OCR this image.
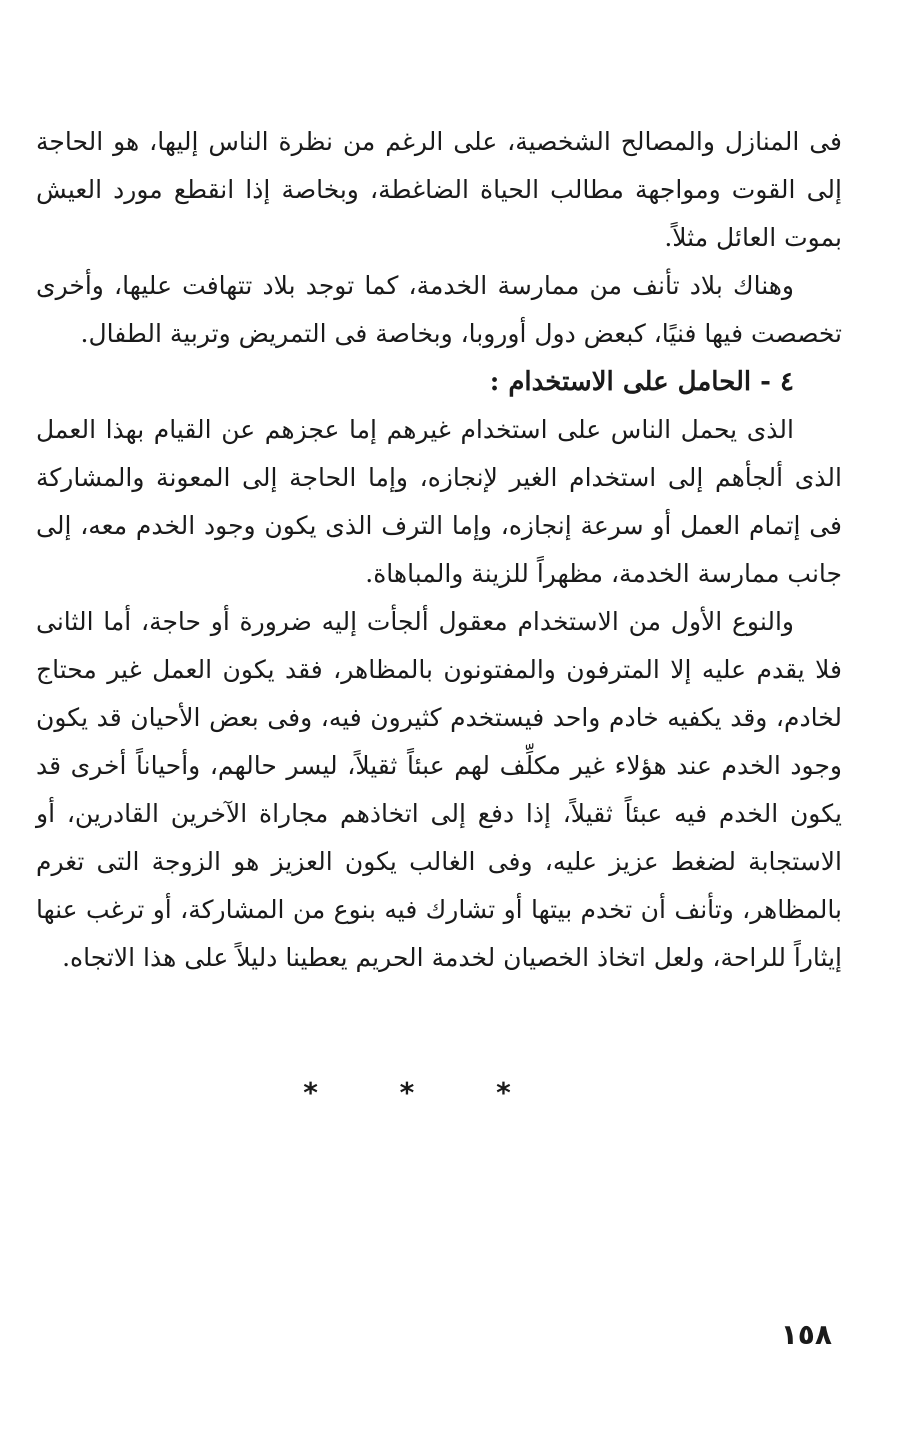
فى المنازل والمصالح الشخصية، على الرغم من نظرة الناس إليها، هو الحاجة إلى القوت ومواجهة مطالب الحياة الضاغطة، وبخاصة إذا انقطع مورد العيش بموت العائل مثلاً.

وهناك بلاد تأنف من ممارسة الخدمة، كما توجد بلاد تتهافت عليها، وأخرى تخصصت فيها فنيًا، كبعض دول أوروبا، وبخاصة فى التمريض وتربية الطفال.

٤ - الحامل على الاستخدام :

الذى يحمل الناس على استخدام غيرهم إما عجزهم عن القيام بهذا العمل الذى ألجأهم إلى استخدام الغير لإنجازه، وإما الحاجة إلى المعونة والمشاركة فى إتمام العمل أو سرعة إنجازه، وإما الترف الذى يكون وجود الخدم معه، إلى جانب ممارسة الخدمة، مظهراً للزينة والمباهاة.

والنوع الأول من الاستخدام معقول ألجأت إليه ضرورة أو حاجة، أما الثانى فلا يقدم عليه إلا المترفون والمفتونون بالمظاهر، فقد يكون العمل غير محتاج لخادم، وقد يكفيه خادم واحد فيستخدم كثيرون فيه، وفى بعض الأحيان قد يكون وجود الخدم عند هؤلاء غير مكلِّف لهم عبئاً ثقيلاً، ليسر حالهم، وأحياناً أخرى قد يكون الخدم فيه عبئاً ثقيلاً، إذا دفع إلى اتخاذهم مجاراة الآخرين القادرين، أو الاستجابة لضغط عزيز عليه، وفى الغالب يكون العزيز هو الزوجة التى تغرم بالمظاهر، وتأنف أن تخدم بيتها أو تشارك فيه بنوع من المشاركة، أو ترغب عنها إيثاراً للراحة، ولعل اتخاذ الخصيان لخدمة الحريم يعطينا دليلاً على هذا الاتجاه.

* * *
١٥٨
